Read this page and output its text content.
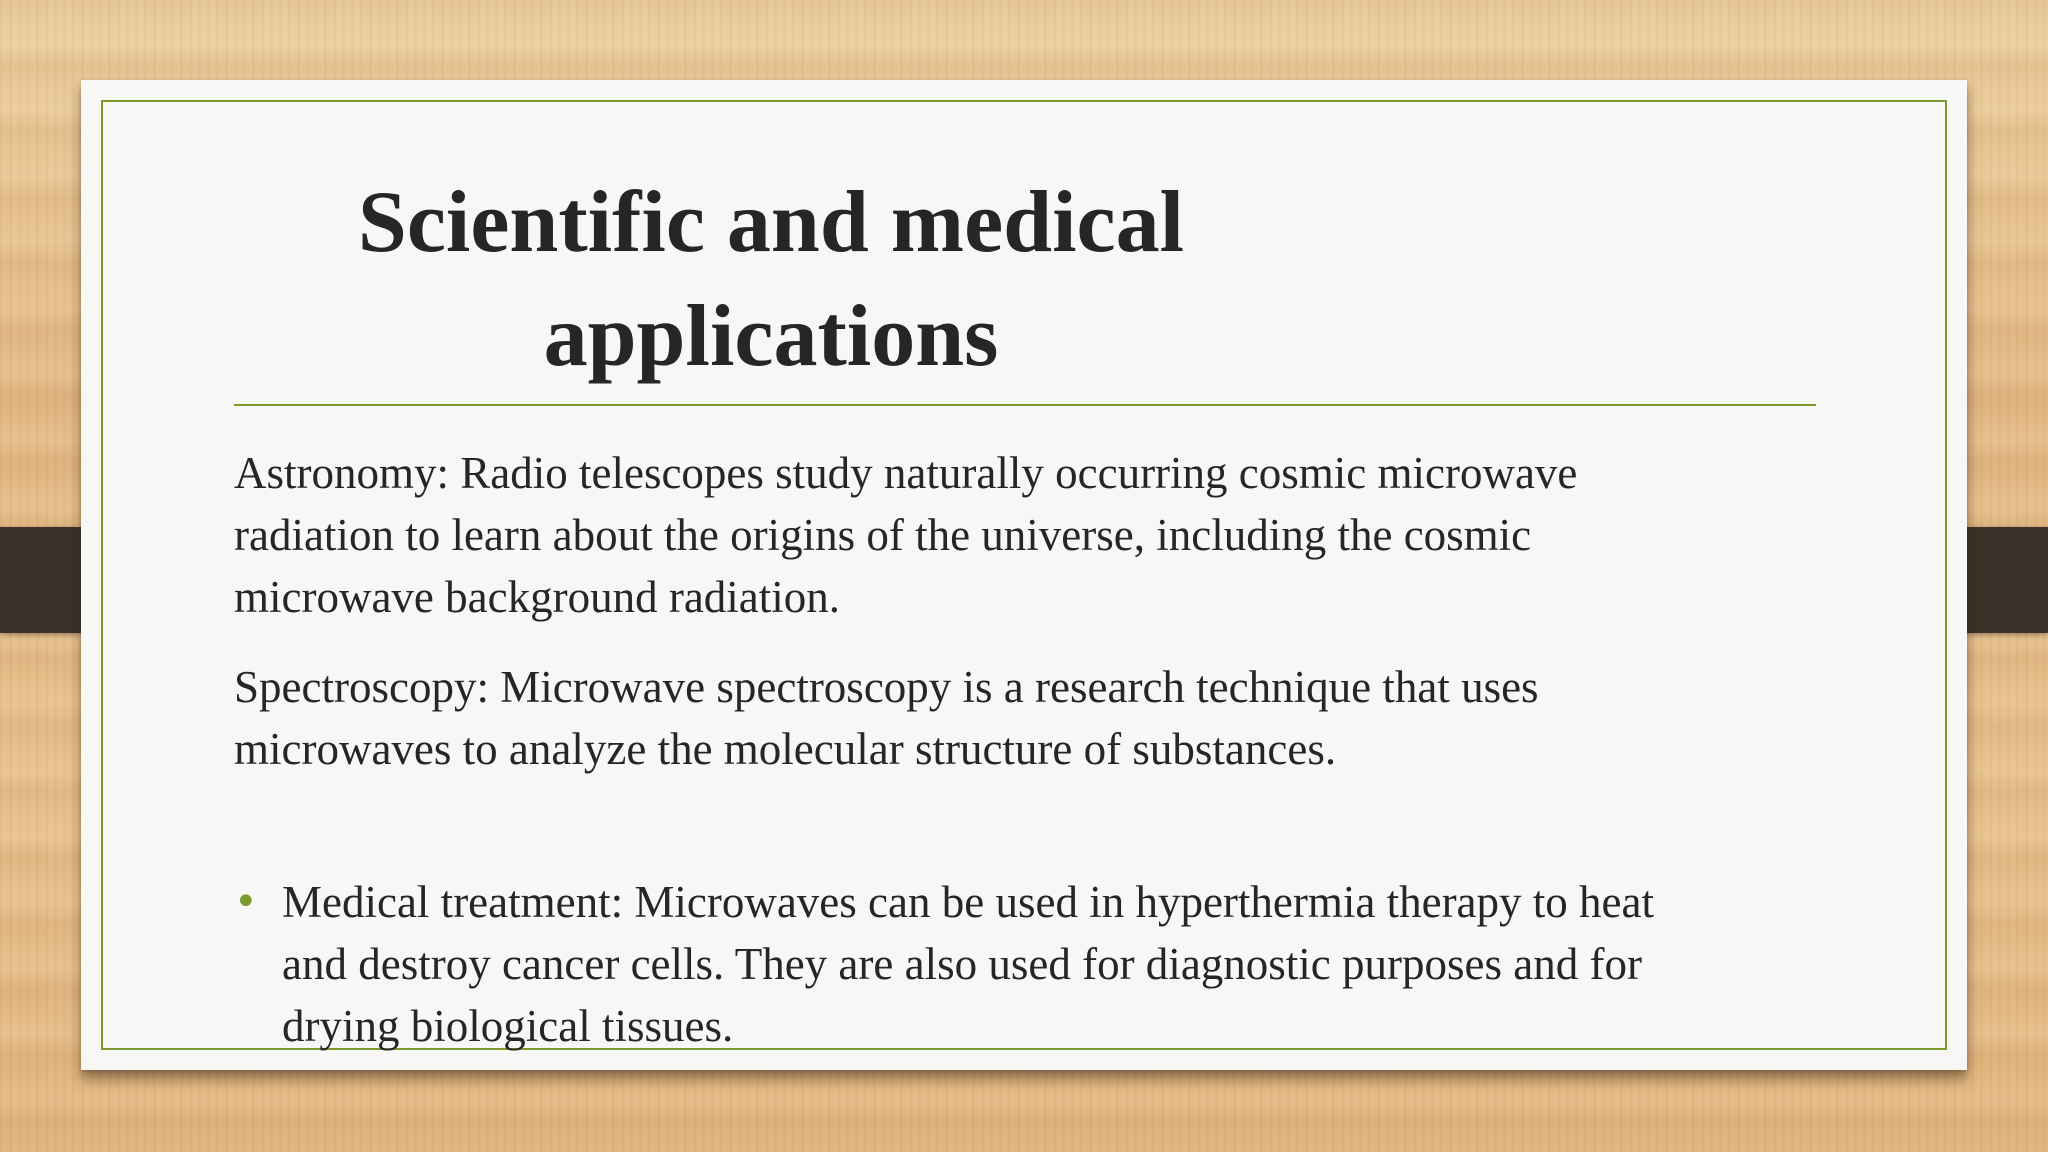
Scientific and medical
applications

Astronomy: Radio telescopes study naturally occurring cosmic microwave
radiation to learn about the origins of the universe, including the cosmic
microwave background radiation.

Spectroscopy: Microwave spectroscopy is a research technique that uses
microwaves to analyze the molecular structure of substances.

• Medical treatment: Microwaves can be used in hyperthermia therapy to heat
and destroy cancer cells. They are also used for diagnostic purposes and for
drying biological tissues.
